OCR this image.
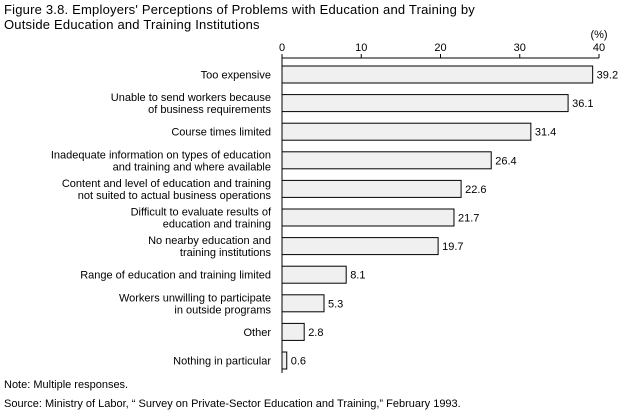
Figure 3.8. Employers' Perceptions of Problems with Education and Training by
Outside Education and Training Institutions
0	10	20	30	40
(%)
39.2
Too expensive
36.1
Unable to send workers because
of business requirements
31.4
Course times limited
26.4
Inadequate information on types of education
and training and where available
22.6
Content and level of education and training
not suited to actual business operations
21.7
Difficult to evaluate results of
education and training
19.7
No nearby education and
training institutions
8.1
Range of education and training limited
5.3
Workers unwilling to participate
in outside programs
2.8
Other
0.6
Nothing in particular
Note: Multiple responses.
Source: Ministry of Labor, “ Survey on Private-Sector Education and Training,” February 1993.
